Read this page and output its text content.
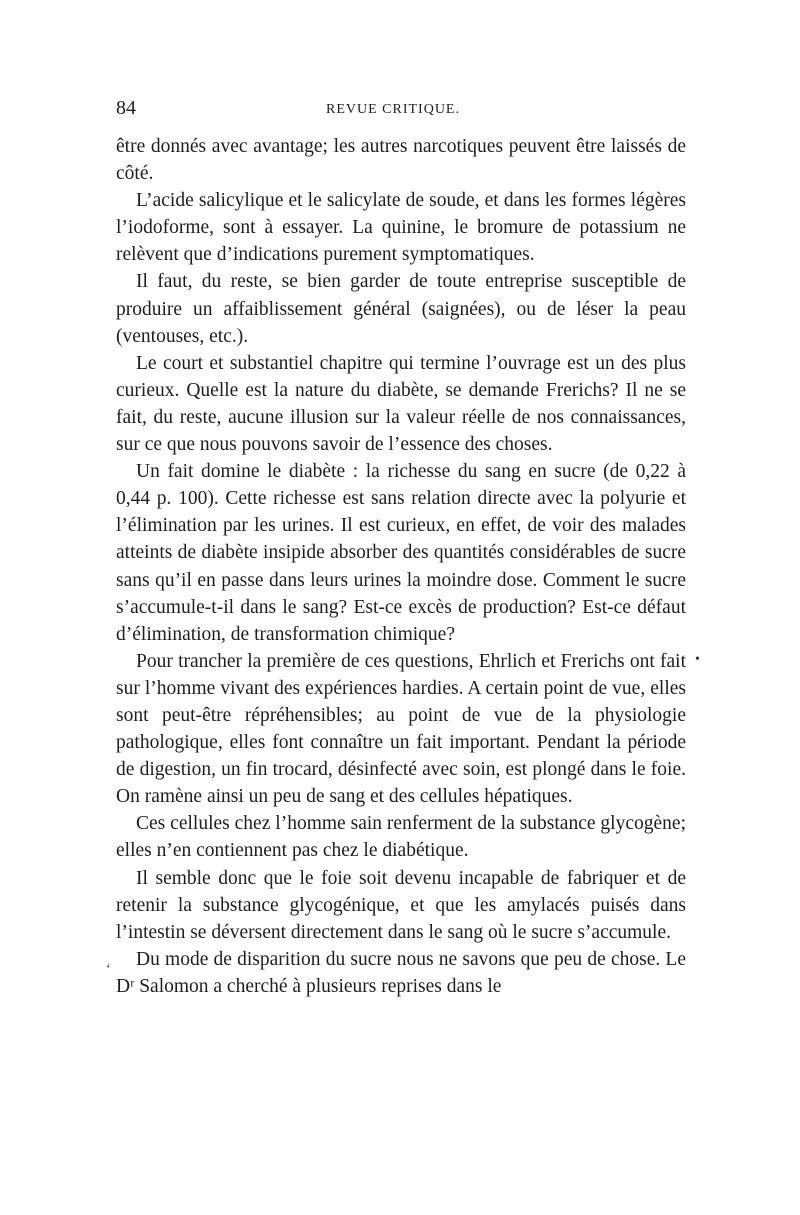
84	REVUE CRITIQUE.

être donnés avec avantage; les autres narcotiques peuvent être laissés de côté.

L’acide salicylique et le salicylate de soude, et dans les formes légères l’iodoforme, sont à essayer. La quinine, le bromure de potassium ne relèvent que d’indications purement symptomatiques.

Il faut, du reste, se bien garder de toute entreprise susceptible de produire un affaiblissement général (saignées), ou de léser la peau (ventouses, etc.).

Le court et substantiel chapitre qui termine l’ouvrage est un des plus curieux. Quelle est la nature du diabète, se demande Frerichs? Il ne se fait, du reste, aucune illusion sur la valeur réelle de nos connaissances, sur ce que nous pouvons savoir de l’essence des choses.

Un fait domine le diabète : la richesse du sang en sucre (de 0,22 à 0,44 p. 100). Cette richesse est sans relation directe avec la polyurie et l’élimination par les urines. Il est curieux, en effet, de voir des malades atteints de diabète insipide absorber des quantités considérables de sucre sans qu’il en passe dans leurs urines la moindre dose. Comment le sucre s’accumule-t-il dans le sang? Est-ce excès de production? Est-ce défaut d’élimination, de transformation chimique?

Pour trancher la première de ces questions, Ehrlich et Frerichs ont fait sur l’homme vivant des expériences hardies. A certain point de vue, elles sont peut-être répréhensibles; au point de vue de la physiologie pathologique, elles font connaître un fait important. Pendant la période de digestion, un fin trocard, désinfecté avec soin, est plongé dans le foie. On ramène ainsi un peu de sang et des cellules hépatiques.

Ces cellules chez l’homme sain renferment de la substance glycogène; elles n’en contiennent pas chez le diabétique.

Il semble donc que le foie soit devenu incapable de fabriquer et de retenir la substance glycogénique, et que les amylacés puisés dans l’intestin se déversent directement dans le sang où le sucre s’accumule.

Du mode de disparition du sucre nous ne savons que peu de chose. Le Dʳ Salomon a cherché à plusieurs reprises dans le

•
ʻ
